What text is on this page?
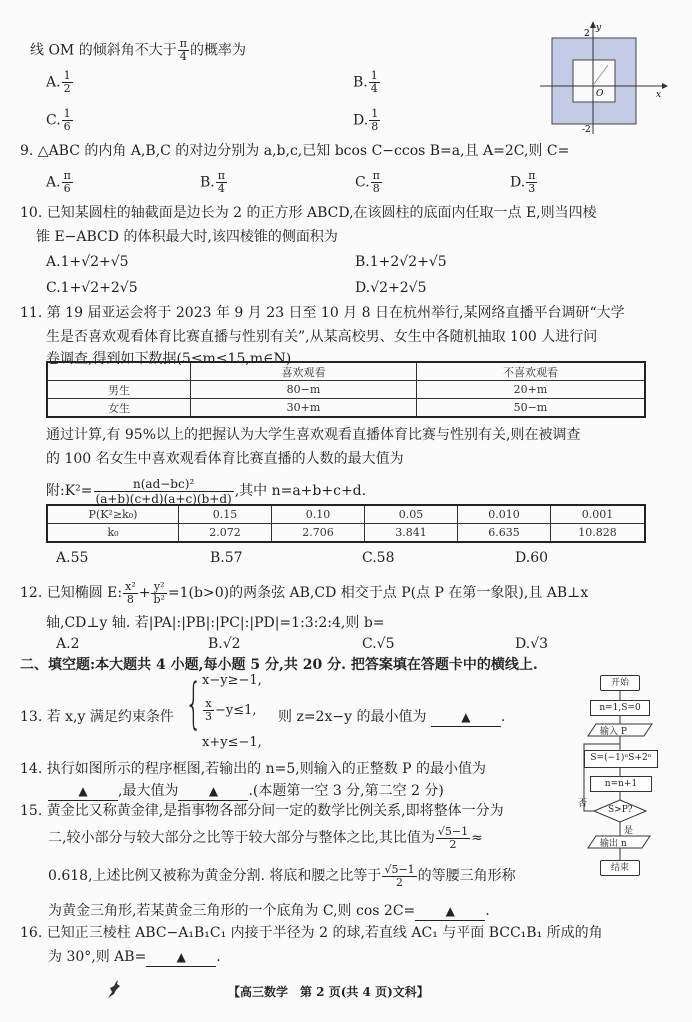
线 OM 的倾斜角不大于 $\frac{\pi}{4}$ 的概率为
A. $\frac{1}{2}$	B. $\frac{1}{4}$
C. $\frac{1}{6}$	D. $\frac{1}{8}$
2
y
O	x
-2
9. △ABC 的内角 A,B,C 的对边分别为 a,b,c,已知 bcos C−ccos B=a,且 A=2C,则 C=
A. $\frac{\pi}{6}$	B. $\frac{\pi}{4}$	C. $\frac{\pi}{8}$	D. $\frac{\pi}{3}$
10. 已知某圆柱的轴截面是边长为 2 的正方形 ABCD,在该圆柱的底面内任取一点 E,则当四棱
锥 E−ABCD 的体积最大时,该四棱锥的侧面积为
A.1+√2+√5	B.1+2√2+√5
C.1+√2+2√5	D.√2+2√5
11. 第 19 届亚运会将于 2023 年 9 月 23 日至 10 月 8 日在杭州举行,某网络直播平台调研“大学
生是否喜欢观看体育比赛直播与性别有关”,从某高校男、女生中各随机抽取 100 人进行问
卷调查,得到如下数据(5≤m≤15,m∈N).
	喜欢观看	不喜欢观看
男生	80−m	20+m
女生	30+m	50−m
通过计算,有 95%以上的把握认为大学生喜欢观看直播体育比赛与性别有关,则在被调查
的 100 名女生中喜欢观看体育比赛直播的人数的最大值为
附:K²= $\frac{\text{n(ad−bc)²}}{(a+b)(c+d)(a+c)(b+d)}$ ,其中 n=a+b+c+d.
P(K²≥k₀)	0.15	0.10	0.05	0.010	0.001
k₀	2.072	2.706	3.841	6.635	10.828
A.55	B.57	C.58	D.60
12. 已知椭圆 E: $\frac{\text{x²}}{8} + \frac{\text{y²}}{\text{b²}} =1(b>0)$的两条弦 AB,CD 相交于点 P(点 P 在第一象限),且 AB⊥x
轴,CD⊥y 轴. 若|PA|:|PB|:|PC|:|PD|=1:3:2:4,则 b=
A.2	B.√2	C.√5	D.√3
二、填空题:本大题共 4 小题,每小题 5 分,共 20 分. 把答案填在答题卡中的横线上.
13. 若 x,y 满足约束条件 { x−y≥−1,
$\frac{x}{3} -y\le 1$,
x+y≤−1,
则 z=2x−y 的最小值为	▲ .
14. 执行如图所示的程序框图,若输出的 n=5,则输入的正整数 P 的最小值为
▲ ,最大值为	▲ .(本题第一空 3 分,第二空 2 分)
开始
n=1,S=0
输入 P
S=(−1)ⁿS+2ⁿ
n=n+1
S>P?
否
是
输出 n
结束
15. 黄金比又称黄金律,是指事物各部分间一定的数学比例关系,即将整体一分为
二,较小部分与较大部分之比等于较大部分与整体之比,其比值为 $\frac{√5-1}{2}$ ≈
0.618,上述比例又被称为黄金分割. 将底和腰之比等于 $\frac{√5-1}{2}$ 的等腰三角形称
为黄金三角形,若某黄金三角形的一个底角为 C,则 cos 2C=	▲ .
16. 已知正三棱柱 ABC−A₁B₁C₁ 内接于半径为 2 的球,若直线 AC₁ 与平面 BCC₁B₁ 所成的角
为 30°,则 AB=	▲ .
【高三数学　第 2 页(共 4 页)文科】
